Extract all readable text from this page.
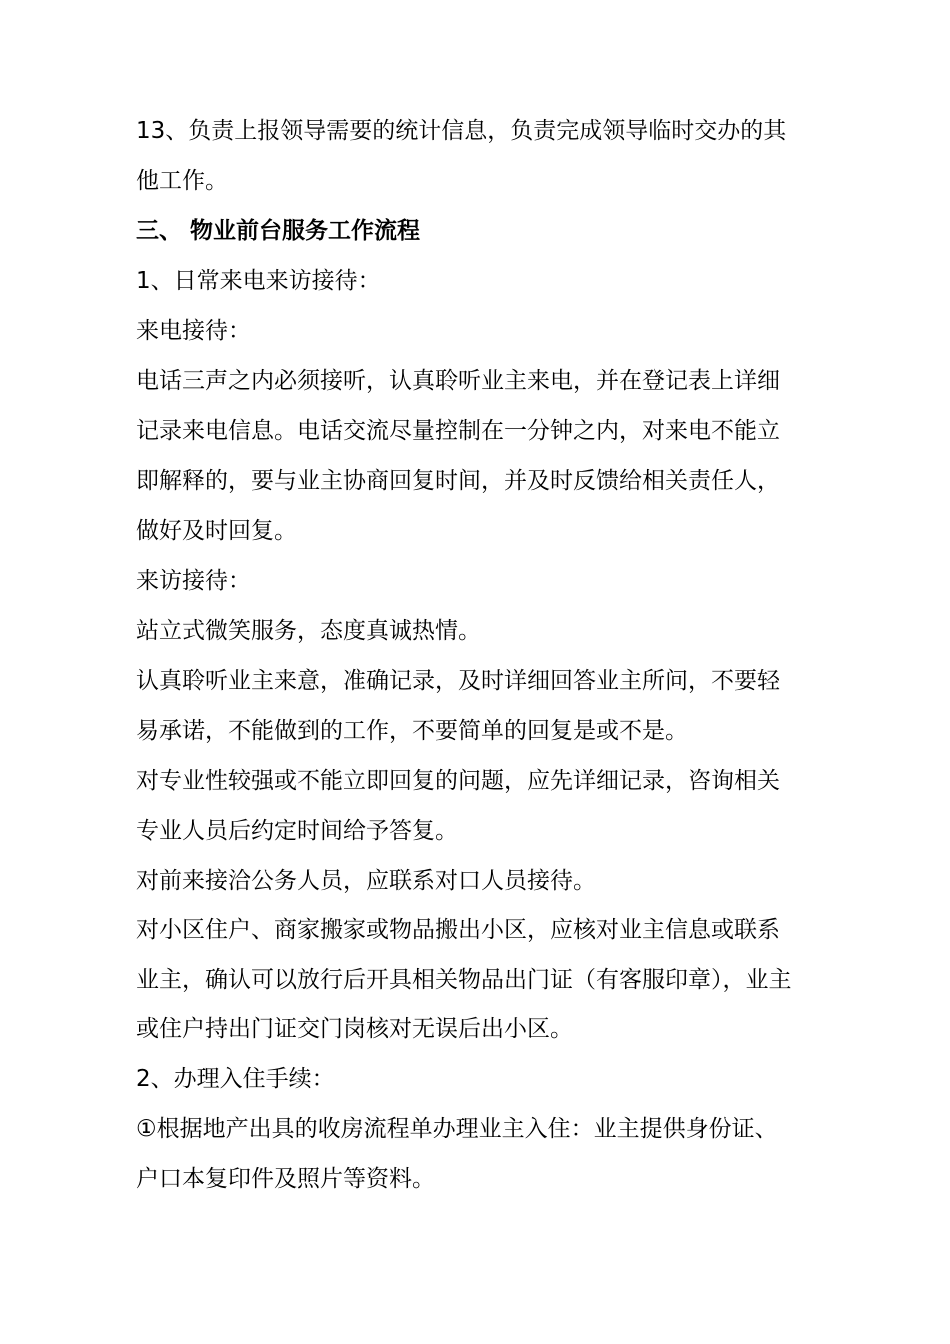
13、负责上报领导需要的统计信息，负责完成领导临时交办的其
他工作。
三、 物业前台服务工作流程
1、日常来电来访接待：
来电接待：
电话三声之内必须接听，认真聆听业主来电，并在登记表上详细
记录来电信息。电话交流尽量控制在一分钟之内，对来电不能立
即解释的，要与业主协商回复时间，并及时反馈给相关责任人，
做好及时回复。
来访接待：
站立式微笑服务，态度真诚热情。
认真聆听业主来意，准确记录，及时详细回答业主所问，不要轻
易承诺，不能做到的工作，不要简单的回复是或不是。
对专业性较强或不能立即回复的问题，应先详细记录，咨询相关
专业人员后约定时间给予答复。
对前来接洽公务人员，应联系对口人员接待。
对小区住户、商家搬家或物品搬出小区，应核对业主信息或联系
业主，确认可以放行后开具相关物品出门证（有客服印章），业主
或住户持出门证交门岗核对无误后出小区。
2、办理入住手续：
①根据地产出具的收房流程单办理业主入住：业主提供身份证、
户口本复印件及照片等资料。
